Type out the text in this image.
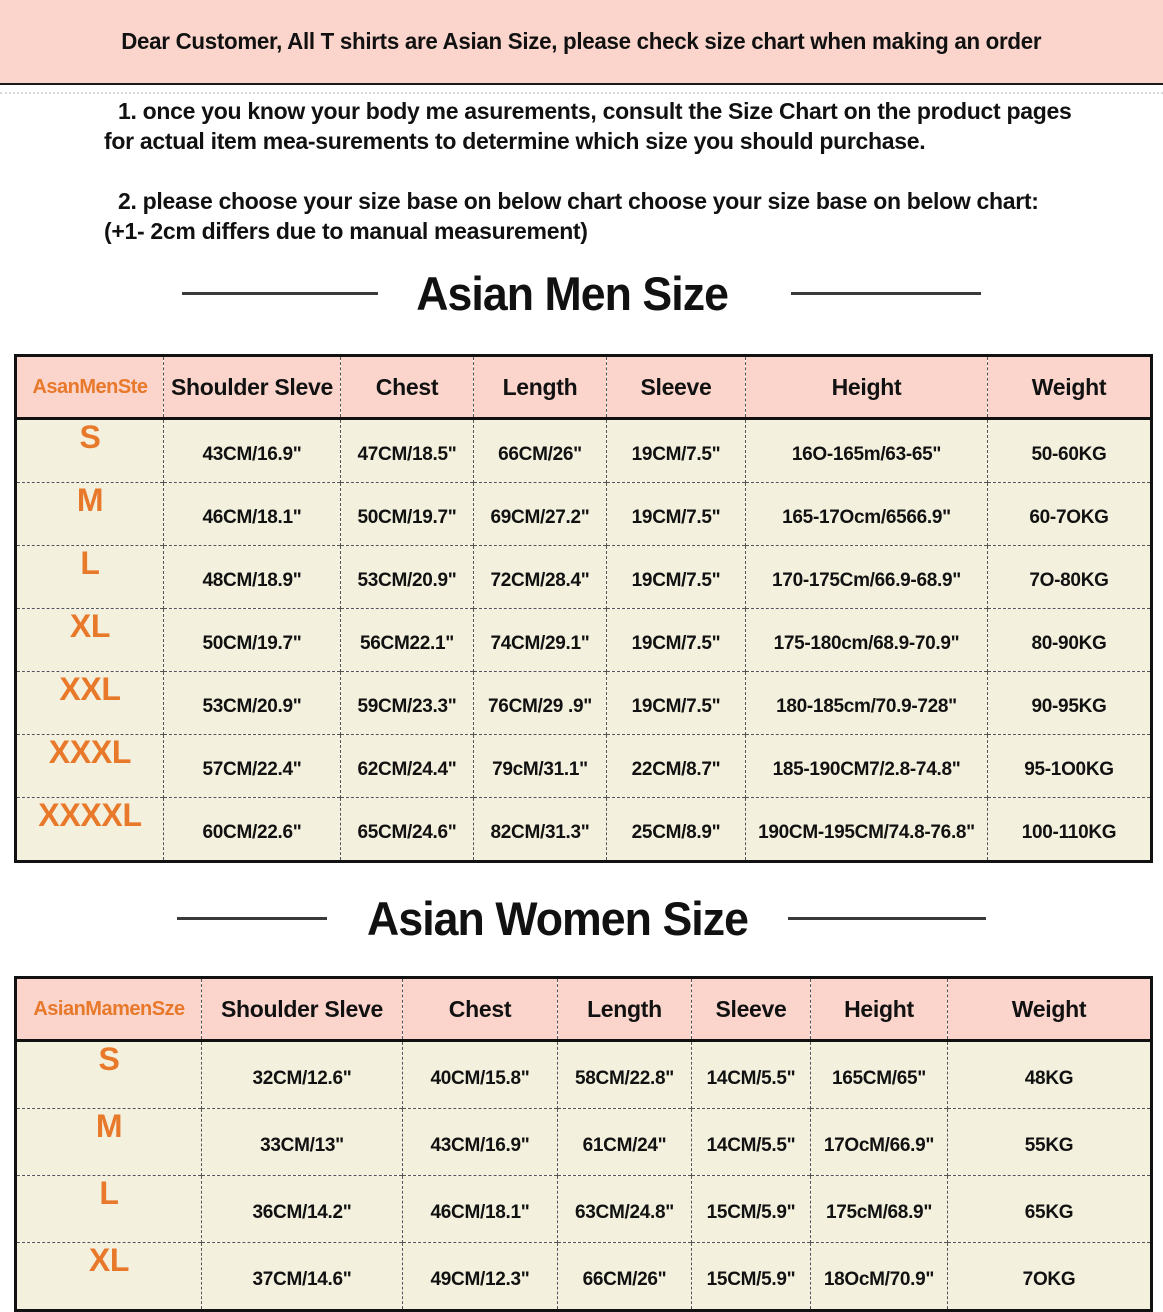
Dear Customer, All T shirts are Asian Size, please check size chart when making an order

1. once you know your body me asurements, consult the Size Chart on the product pages
for actual item mea-surements to determine which size you should purchase.

2. please choose your size base on below chart choose your size base on below chart:
(+1- 2cm differs due to manual measurement)

Asian Men Size
AsanMenSte	Shoulder Sleve	Chest	Length	Sleeve	Height	Weight
S	43CM/16.9"	47CM/18.5"	66CM/26"	19CM/7.5"	16O-165m/63-65"	50-60KG
M	46CM/18.1"	50CM/19.7"	69CM/27.2"	19CM/7.5"	165-17Ocm/6566.9"	60-7OKG
L	48CM/18.9"	53CM/20.9"	72CM/28.4"	19CM/7.5"	170-175Cm/66.9-68.9"	7O-80KG
XL	50CM/19.7"	56CM22.1"	74CM/29.1"	19CM/7.5"	175-180cm/68.9-70.9"	80-90KG
XXL	53CM/20.9"	59CM/23.3"	76CM/29 .9"	19CM/7.5"	180-185cm/70.9-728"	90-95KG
XXXL	57CM/22.4"	62CM/24.4"	79cM/31.1"	22CM/8.7"	185-190CM7/2.8-74.8"	95-1O0KG
XXXXL	60CM/22.6"	65CM/24.6"	82CM/31.3"	25CM/8.9"	190CM-195CM/74.8-76.8"	100-110KG
Asian Women Size
AsianMamenSze	Shoulder Sleve	Chest	Length	Sleeve	Height	Weight
S	32CM/12.6"	40CM/15.8"	58CM/22.8"	14CM/5.5"	165CM/65"	48KG
M	33CM/13"	43CM/16.9"	61CM/24"	14CM/5.5"	17OcM/66.9"	55KG
L	36CM/14.2"	46CM/18.1"	63CM/24.8"	15CM/5.9"	175cM/68.9"	65KG
XL	37CM/14.6"	49CM/12.3"	66CM/26"	15CM/5.9"	18OcM/70.9"	7OKG
